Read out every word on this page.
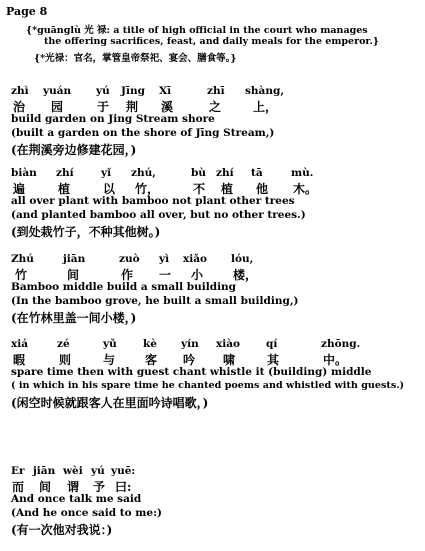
Page 8
{*guānglù 光 禄: a title of high official in the court who manages
the offering sacrifices, feast, and daily meals for the emperor.}
{*光禄：官名，掌管皇帝祭祀、宴会、膳食等。}
zhì yuán yú Jīng Xī	zhī shàng,
治 园	于 荆 溪	之	上，
build garden on Jing Stream shore
(built a garden on the shore of Jīng Stream,)
(在荆溪旁边修建花园，)
biàn zhí	yǐ zhú,	bù zhí tā	mù.
遍	植	以 竹，	不 植 他 木。
all over plant with bamboo not plant other trees
(and planted bamboo all over, but no other trees.)
(到处栽竹子，不种其他树。)
Zhú	jiān	zuò yì xiǎo lóu,
竹	间	作 一 小 楼，
Bamboo middle build a small building
(In the bamboo grove, he built a small building,)
(在竹林里盖一间小楼，)
xiá	zé	yǔ	kè yín xiào qí	zhōng.
暇	则	与 客 吟 啸	其	中。
spare time then with guest chant whistle it (building) middle
( in which in his spare time he chanted poems and whistled with guests.)
(闲空时候就跟客人在里面吟诗唱歌，)
Er jiān wèi yú yuē:
而 间 谓 予 曰:
And once talk me said
(And he once said to me:)
(有一次他对我说：)
